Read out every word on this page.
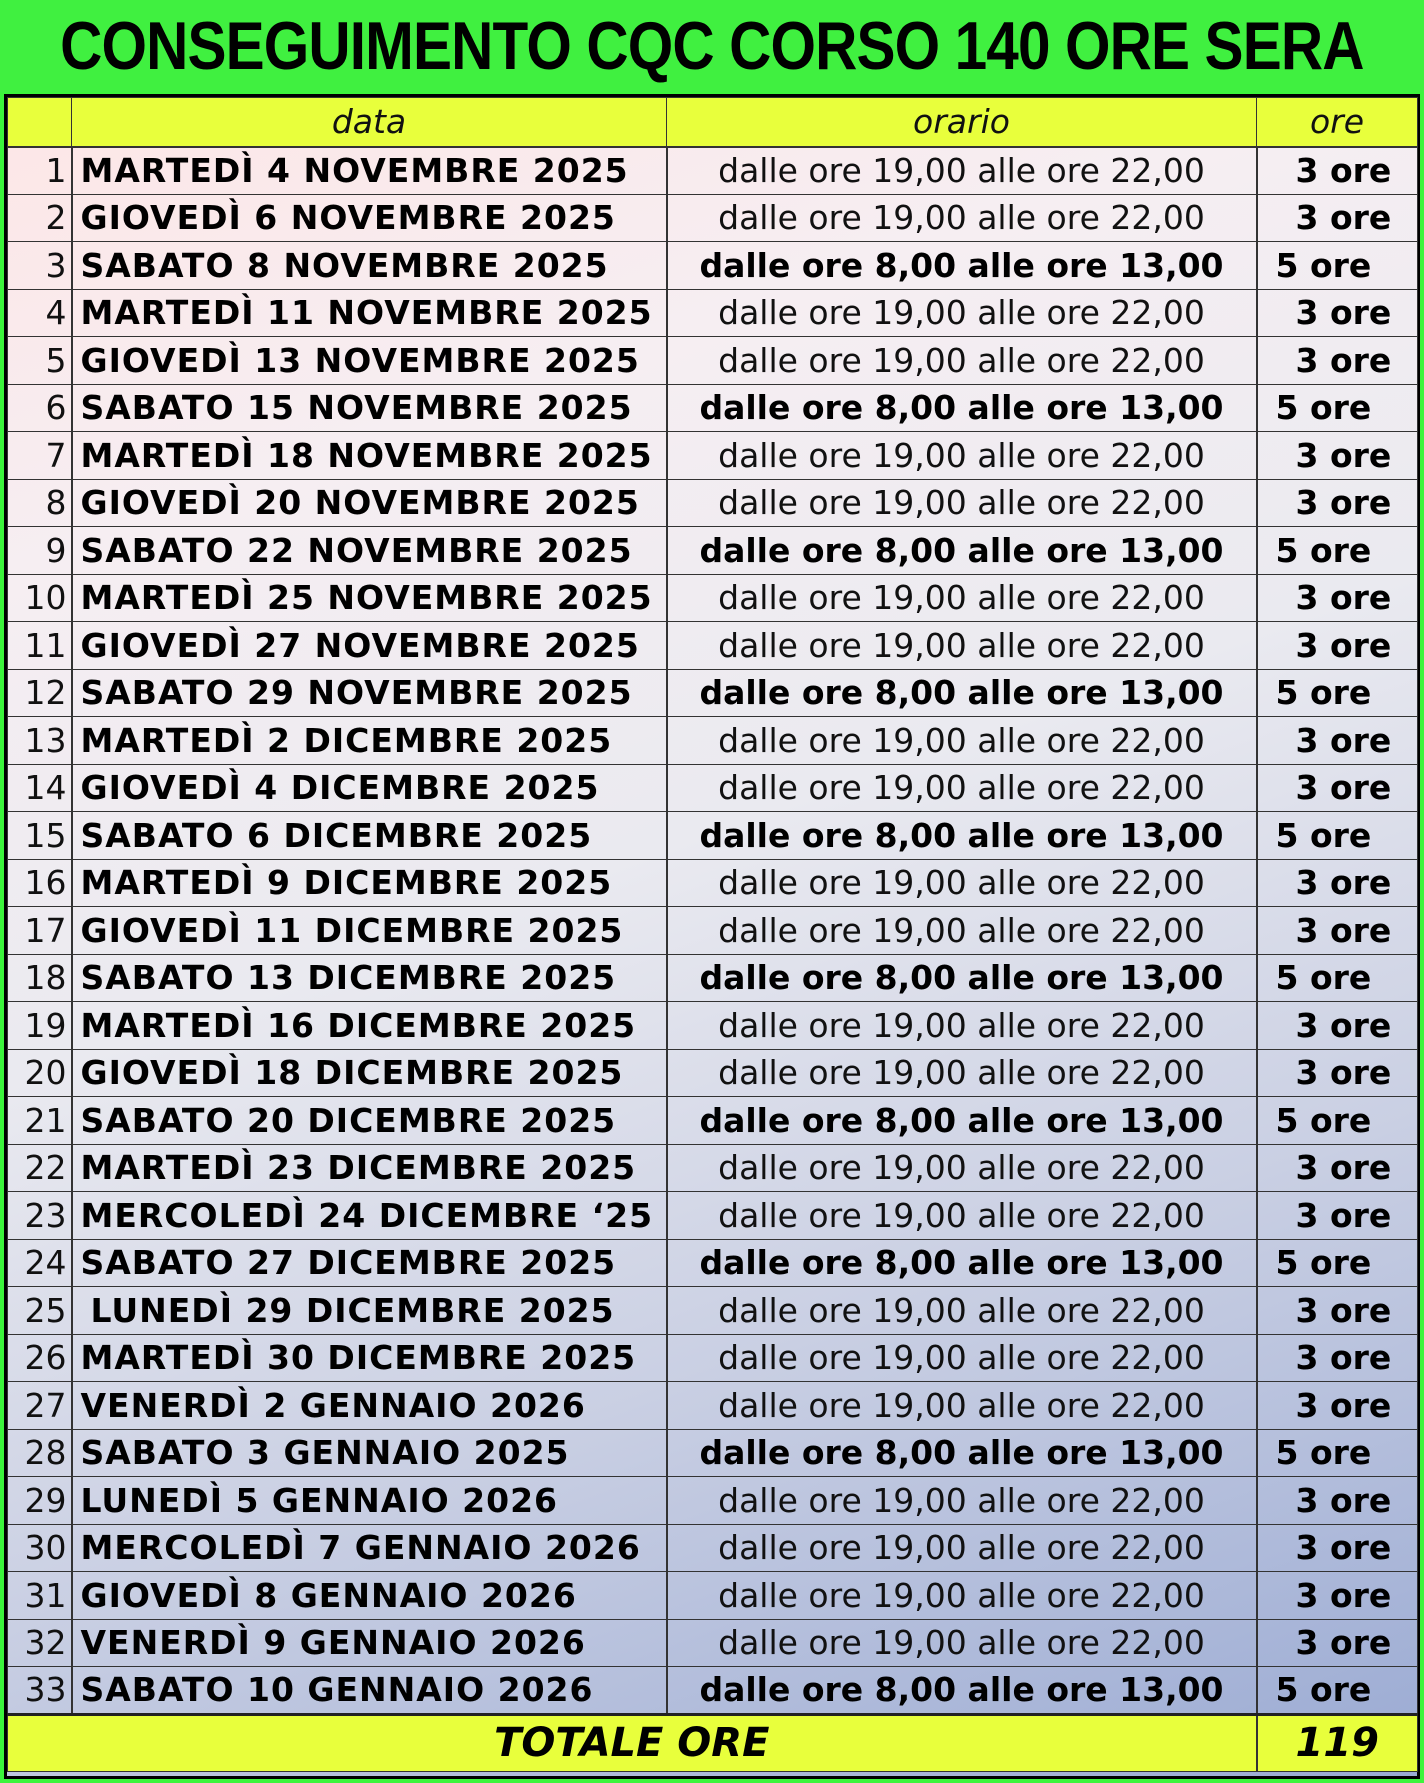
CONSEGUIMENTO CQC CORSO 140 ORE SERA
	data	orario	ore
1	MARTEDÌ 4 NOVEMBRE 2025	dalle ore 19,00 alle ore 22,00	3 ore
2	GIOVEDÌ 6 NOVEMBRE 2025	dalle ore 19,00 alle ore 22,00	3 ore
3	SABATO 8 NOVEMBRE 2025	dalle ore 8,00 alle ore 13,00	5 ore
4	MARTEDÌ 11 NOVEMBRE 2025	dalle ore 19,00 alle ore 22,00	3 ore
5	GIOVEDÌ 13 NOVEMBRE 2025	dalle ore 19,00 alle ore 22,00	3 ore
6	SABATO 15 NOVEMBRE 2025	dalle ore 8,00 alle ore 13,00	5 ore
7	MARTEDÌ 18 NOVEMBRE 2025	dalle ore 19,00 alle ore 22,00	3 ore
8	GIOVEDÌ 20 NOVEMBRE 2025	dalle ore 19,00 alle ore 22,00	3 ore
9	SABATO 22 NOVEMBRE 2025	dalle ore 8,00 alle ore 13,00	5 ore
10	MARTEDÌ 25 NOVEMBRE 2025	dalle ore 19,00 alle ore 22,00	3 ore
11	GIOVEDÌ 27 NOVEMBRE 2025	dalle ore 19,00 alle ore 22,00	3 ore
12	SABATO 29 NOVEMBRE 2025	dalle ore 8,00 alle ore 13,00	5 ore
13	MARTEDÌ 2 DICEMBRE 2025	dalle ore 19,00 alle ore 22,00	3 ore
14	GIOVEDÌ 4 DICEMBRE 2025	dalle ore 19,00 alle ore 22,00	3 ore
15	SABATO 6 DICEMBRE 2025	dalle ore 8,00 alle ore 13,00	5 ore
16	MARTEDÌ 9 DICEMBRE 2025	dalle ore 19,00 alle ore 22,00	3 ore
17	GIOVEDÌ 11 DICEMBRE 2025	dalle ore 19,00 alle ore 22,00	3 ore
18	SABATO 13 DICEMBRE 2025	dalle ore 8,00 alle ore 13,00	5 ore
19	MARTEDÌ 16 DICEMBRE 2025	dalle ore 19,00 alle ore 22,00	3 ore
20	GIOVEDÌ 18 DICEMBRE 2025	dalle ore 19,00 alle ore 22,00	3 ore
21	SABATO 20 DICEMBRE 2025	dalle ore 8,00 alle ore 13,00	5 ore
22	MARTEDÌ 23 DICEMBRE 2025	dalle ore 19,00 alle ore 22,00	3 ore
23	MERCOLEDÌ 24 DICEMBRE ‘25	dalle ore 19,00 alle ore 22,00	3 ore
24	SABATO 27 DICEMBRE 2025	dalle ore 8,00 alle ore 13,00	5 ore
25	LUNEDÌ 29 DICEMBRE 2025	dalle ore 19,00 alle ore 22,00	3 ore
26	MARTEDÌ 30 DICEMBRE 2025	dalle ore 19,00 alle ore 22,00	3 ore
27	VENERDÌ 2 GENNAIO 2026	dalle ore 19,00 alle ore 22,00	3 ore
28	SABATO 3 GENNAIO 2025	dalle ore 8,00 alle ore 13,00	5 ore
29	LUNEDÌ 5 GENNAIO 2026	dalle ore 19,00 alle ore 22,00	3 ore
30	MERCOLEDÌ 7 GENNAIO 2026	dalle ore 19,00 alle ore 22,00	3 ore
31	GIOVEDÌ 8 GENNAIO 2026	dalle ore 19,00 alle ore 22,00	3 ore
32	VENERDÌ 9 GENNAIO 2026	dalle ore 19,00 alle ore 22,00	3 ore
33	SABATO 10 GENNAIO 2026	dalle ore 8,00 alle ore 13,00	5 ore
TOTALE ORE			119
